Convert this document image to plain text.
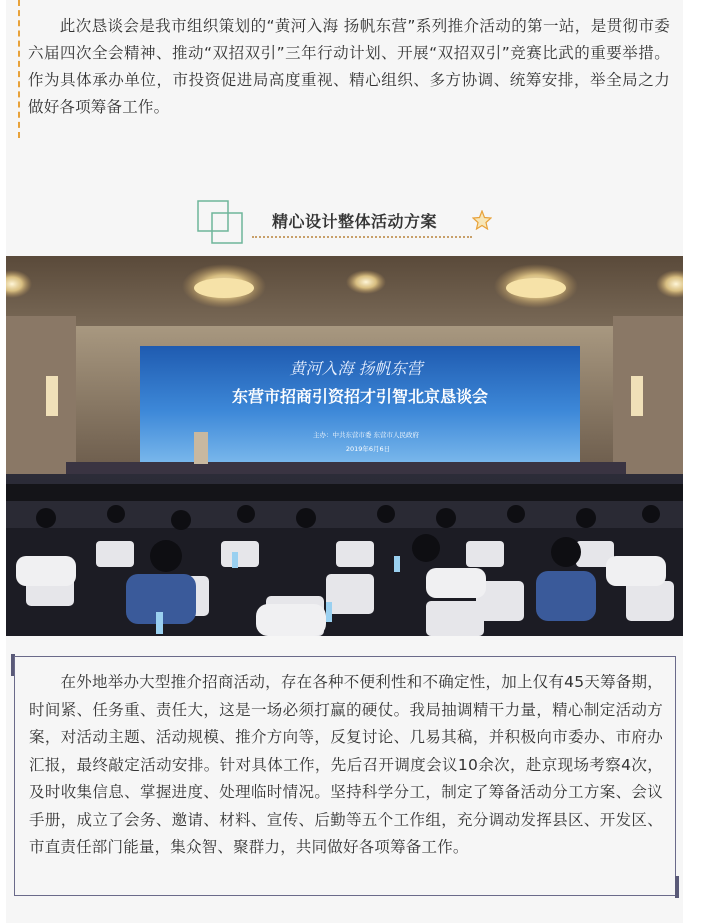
　　此次恳谈会是我市组织策划的“黄河入海 扬帆东营”系列推介活动的第一站，是贯彻市委六届四次全会精神、推动“双招双引”三年行动计划、开展“双招双引”竞赛比武的重要举措。作为具体承办单位，市投资促进局高度重视、精心组织、多方协调、统筹安排，举全局之力做好各项筹备工作。

精心设计整体活动方案
黄河入海 扬帆东营
东营市招商引资招才引智北京恳谈会
主办：中共东营市委 东营市人民政府
2019年6月6日

　　在外地举办大型推介招商活动，存在各种不便利性和不确定性，加上仅有45天筹备期，时间紧、任务重、责任大，这是一场必须打赢的硬仗。我局抽调精干力量，精心制定活动方案，对活动主题、活动规模、推介方向等，反复讨论、几易其稿，并积极向市委办、市府办汇报，最终敲定活动安排。针对具体工作，先后召开调度会议10余次，赴京现场考察4次，及时收集信息、掌握进度、处理临时情况。坚持科学分工，制定了筹备活动分工方案、会议手册，成立了会务、邀请、材料、宣传、后勤等五个工作组，充分调动发挥县区、开发区、市直责任部门能量，集众智、聚群力，共同做好各项筹备工作。
